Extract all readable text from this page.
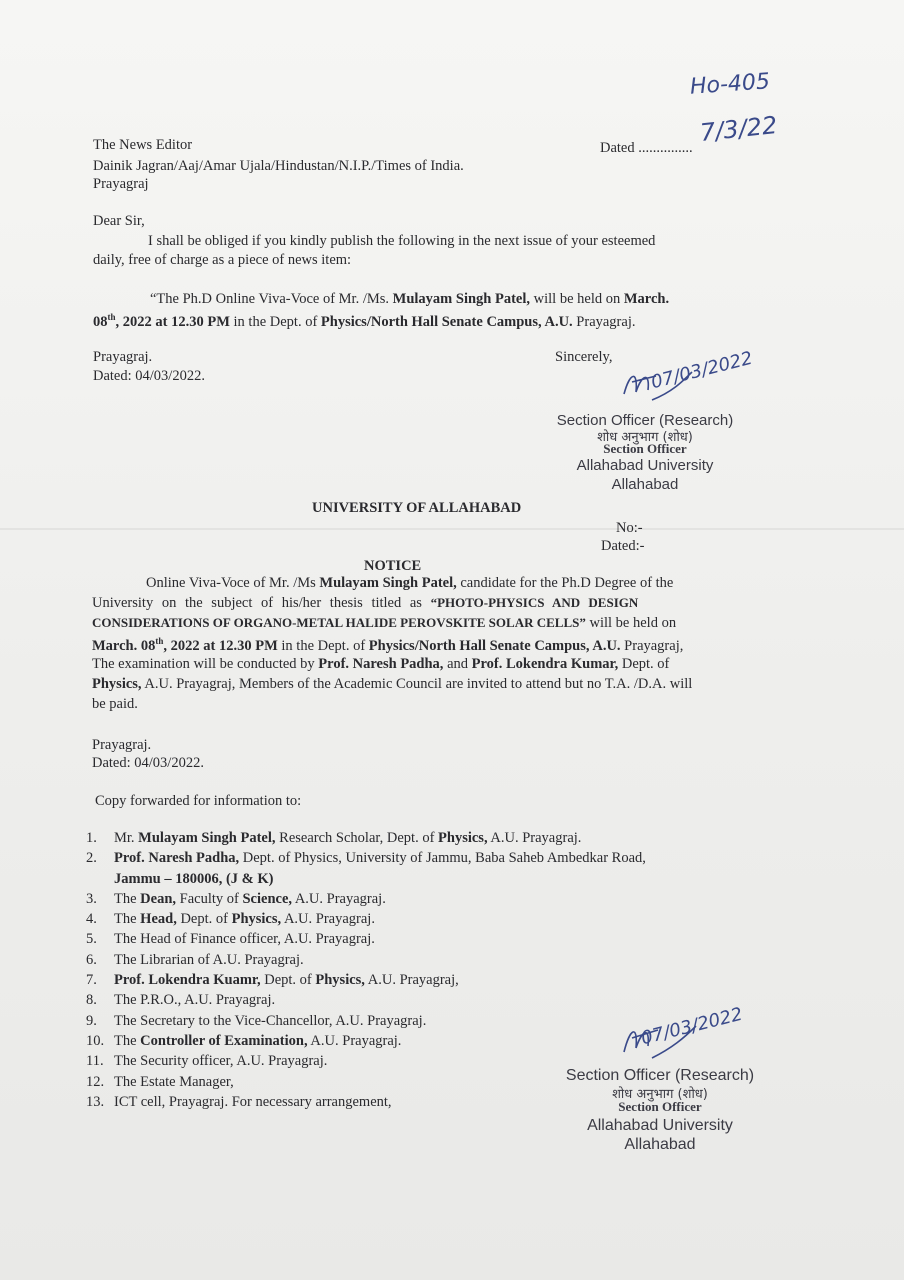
Ho-405
The News Editor
Dainik Jagran/Aaj/Amar Ujala/Hindustan/N.I.P./Times of India.
Prayagraj
Dated ...............
7/3/22
Dear Sir,
I shall be obliged if you kindly publish the following in the next issue of your esteemed
daily, free of charge as a piece of news item:
“The Ph.D Online Viva-Voce of Mr. /Ms. Mulayam Singh Patel, will be held on March.
08th, 2022 at 12.30 PM in the Dept. of Physics/North Hall Senate Campus, A.U. Prayagraj.
Prayagraj.
Dated: 04/03/2022.
Sincerely, 07/03/2022
Section Officer (Research)
शोध अनुभाग (शोध)
Section Officer
Allahabad University
Allahabad
UNIVERSITY OF ALLAHABAD
No:-
Dated:-
NOTICE
Online Viva-Voce of Mr. /Ms Mulayam Singh Patel, candidate for the Ph.D Degree of the
University on the subject of his/her thesis titled as “PHOTO-PHYSICS AND DESIGN
CONSIDERATIONS OF ORGANO-METAL HALIDE PEROVSKITE SOLAR CELLS” will be held on
March. 08th, 2022 at 12.30 PM in the Dept. of Physics/North Hall Senate Campus, A.U. Prayagraj,
The examination will be conducted by Prof. Naresh Padha, and Prof. Lokendra Kumar, Dept. of
Physics, A.U. Prayagraj, Members of the Academic Council are invited to attend but no T.A. /D.A. will
be paid.
Prayagraj.
Dated: 04/03/2022.
Copy forwarded for information to:
1. Mr. Mulayam Singh Patel, Research Scholar, Dept. of Physics, A.U. Prayagraj.
2. Prof. Naresh Padha, Dept. of Physics, University of Jammu, Baba Saheb Ambedkar Road,
Jammu – 180006, (J & K)
3. The Dean, Faculty of Science, A.U. Prayagraj.
4. The Head, Dept. of Physics, A.U. Prayagraj.
5. The Head of Finance officer, A.U. Prayagraj.
6. The Librarian of A.U. Prayagraj.
7. Prof. Lokendra Kuamr, Dept. of Physics, A.U. Prayagraj,
8. The P.R.O., A.U. Prayagraj.
9. The Secretary to the Vice-Chancellor, A.U. Prayagraj.
10. The Controller of Examination, A.U. Prayagraj.
11. The Security officer, A.U. Prayagraj.
12. The Estate Manager,
13. ICT cell, Prayagraj. For necessary arrangement,
07/03/2022
Section Officer (Research)
शोध अनुभाग (शोध)
Section Officer
Allahabad University
Allahabad
